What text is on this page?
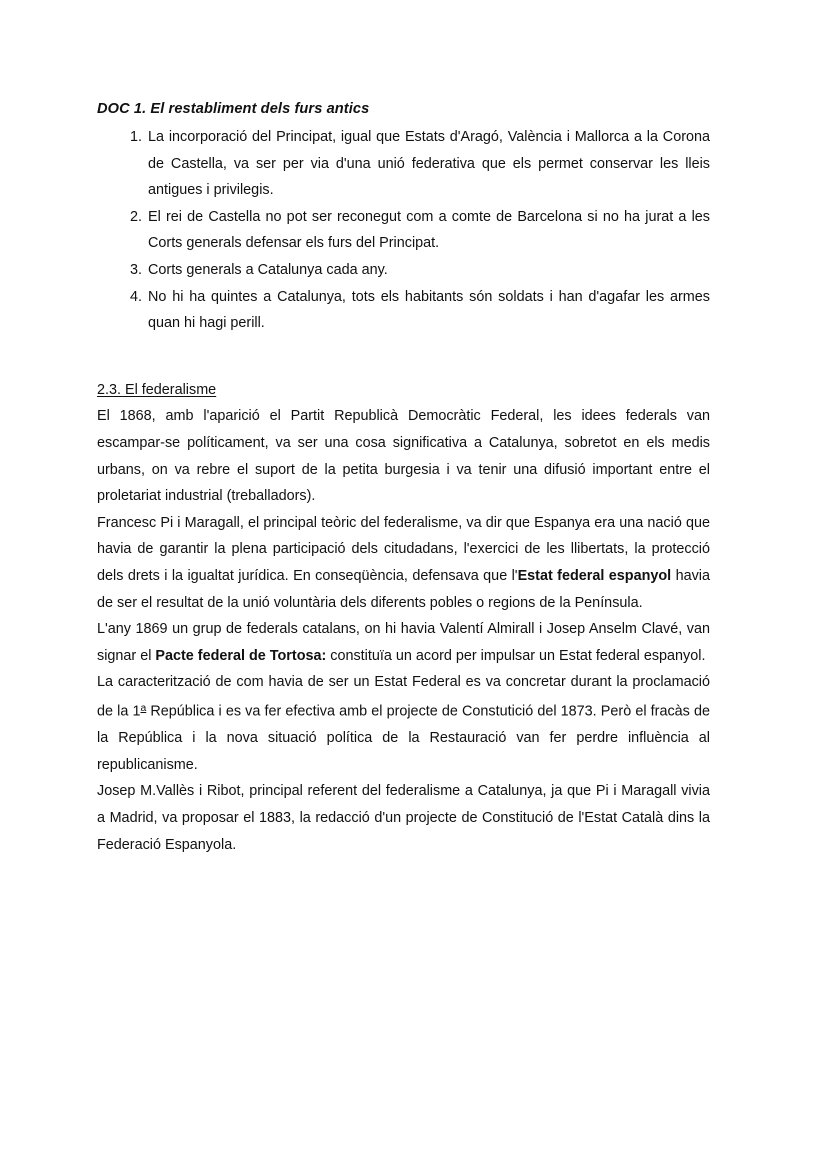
DOC 1. El restabliment dels furs antics
1. La incorporació del Principat, igual que Estats d'Aragó, València i Mallorca a la Corona de Castella, va ser per via d'una unió federativa que els permet conservar les lleis antigues i privilegis.
2. El rei de Castella no pot ser reconegut com a comte de Barcelona si no ha jurat a les Corts generals defensar els furs del Principat.
3. Corts generals a Catalunya cada any.
4. No hi ha quintes a Catalunya, tots els habitants són soldats i han d'agafar les armes quan hi hagi perill.
2.3. El federalisme

El 1868, amb l'aparició el Partit Republicà Democràtic Federal, les idees federals van escampar-se políticament, va ser una cosa significativa a Catalunya, sobretot en els medis urbans, on va rebre el suport de la petita burgesia i va tenir una difusió important entre el proletariat industrial (treballadors).

Francesc Pi i Maragall, el principal teòric del federalisme, va dir que Espanya era una nació que havia de garantir la plena participació dels citudadans, l'exercici de les llibertats, la protecció dels drets i la igualtat jurídica. En conseqüència, defensava que l'Estat federal espanyol havia de ser el resultat de la unió voluntària dels diferents pobles o regions de la Península.

L'any 1869 un grup de federals catalans, on hi havia Valentí Almirall i Josep Anselm Clavé, van signar el Pacte federal de Tortosa: constituïa un acord per impulsar un Estat federal espanyol.

La caracterització de com havia de ser un Estat Federal es va concretar durant la proclamació de la 1$^a$ República i es va fer efectiva amb el projecte de Constutició del 1873. Però el fracàs de la República i la nova situació política de la Restauració van fer perdre influència al republicanisme.

Josep M.Vallès i Ribot, principal referent del federalisme a Catalunya, ja que Pi i Maragall vivia a Madrid, va proposar el 1883, la redacció d'un projecte de Constitució de l'Estat Català dins la Federació Espanyola.
